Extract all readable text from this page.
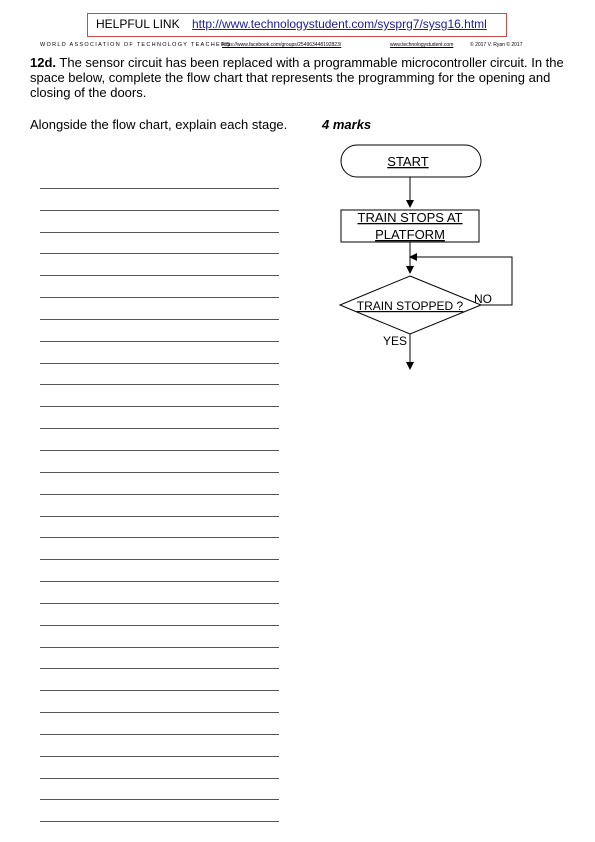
HELPFUL LINK http://www.technologystudent.com/sysprg7/sysg16.html
WORLD ASSOCIATION OF TECHNOLOGY TEACHERS
https://www.facebook.com/groups/254963448192823/	www.technologystudent.com	© 2017 V. Ryan © 2017
12d. The sensor circuit has been replaced with a programmable microcontroller circuit. In the space below, complete the flow chart that represents the programming for the opening and closing of the doors.
Alongside the flow chart, explain each stage.	4 marks
START
TRAIN STOPS AT
PLATFORM
TRAIN STOPPED ? NO
YES
